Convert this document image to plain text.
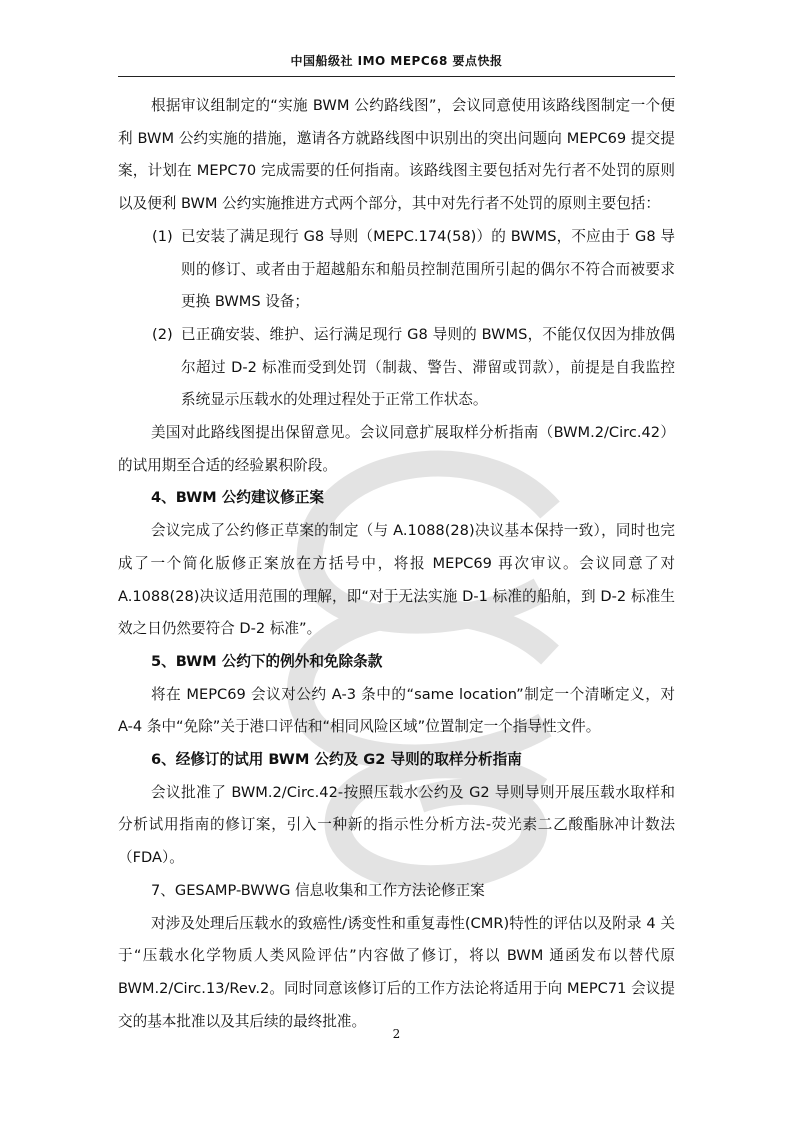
中国船级社 IMO MEPC68 要点快报

根据审议组制定的“实施 BWM 公约路线图”，会议同意使用该路线图制定一个便利 BWM 公约实施的措施，邀请各方就路线图中识别出的突出问题向 MEPC69 提交提案，计划在 MEPC70 完成需要的任何指南。该路线图主要包括对先行者不处罚的原则以及便利 BWM 公约实施推进方式两个部分，其中对先行者不处罚的原则主要包括：

(1) 已安装了满足现行 G8 导则（MEPC.174(58)）的 BWMS，不应由于 G8 导则的修订、或者由于超越船东和船员控制范围所引起的偶尔不符合而被要求更换 BWMS 设备；

(2) 已正确安装、维护、运行满足现行 G8 导则的 BWMS，不能仅仅因为排放偶尔超过 D-2 标准而受到处罚（制裁、警告、滞留或罚款），前提是自我监控系统显示压载水的处理过程处于正常工作状态。

美国对此路线图提出保留意见。会议同意扩展取样分析指南（BWM.2/Circ.42）的试用期至合适的经验累积阶段。

4、BWM 公约建议修正案

会议完成了公约修正草案的制定（与 A.1088(28)决议基本保持一致），同时也完成了一个简化版修正案放在方括号中，将报 MEPC69 再次审议。会议同意了对 A.1088(28)决议适用范围的理解，即“对于无法实施 D-1 标准的船舶，到 D-2 标准生效之日仍然要符合 D-2 标准”。

5、BWM 公约下的例外和免除条款

将在 MEPC69 会议对公约 A-3 条中的“same location”制定一个清晰定义，对 A-4 条中“免除”关于港口评估和“相同风险区域”位置制定一个指导性文件。

6、经修订的试用 BWM 公约及 G2 导则的取样分析指南

会议批准了 BWM.2/Circ.42-按照压载水公约及 G2 导则导则开展压载水取样和分析试用指南的修订案，引入一种新的指示性分析方法-荧光素二乙酸酯脉冲计数法（FDA）。

7、GESAMP-BWWG 信息收集和工作方法论修正案

对涉及处理后压载水的致癌性/诱变性和重复毒性(CMR)特性的评估以及附录 4 关于“压载水化学物质人类风险评估”内容做了修订，将以 BWM 通函发布以替代原 BWM.2/Circ.13/Rev.2。同时同意该修订后的工作方法论将适用于向 MEPC71 会议提交的基本批准以及其后续的最终批准。

2
